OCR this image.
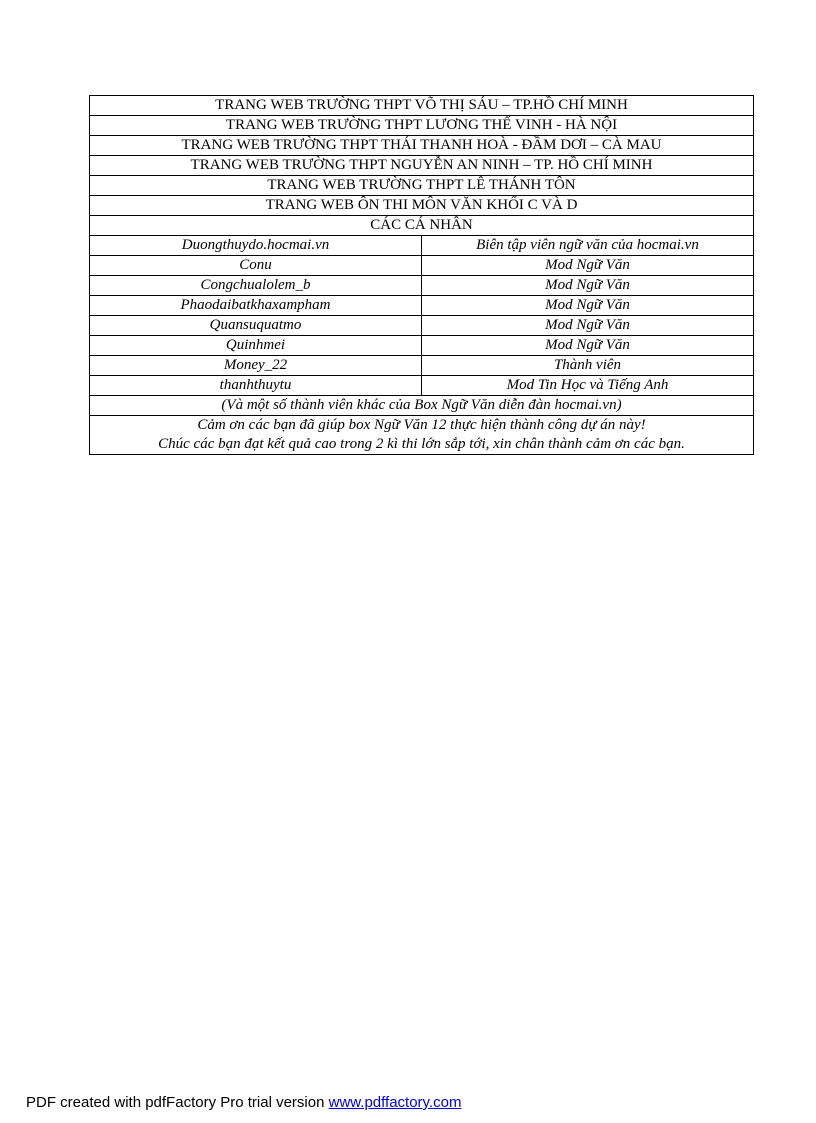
TRANG WEB TRƯỜNG THPT VÕ THỊ SÁU – TP.HỒ CHÍ MINH	
TRANG WEB TRƯỜNG THPT LƯƠNG THẾ VINH - HÀ NỘI	
TRANG WEB TRƯỜNG THPT THÁI THANH HOÀ - ĐẦM DƠI – CÀ MAU	
TRANG WEB TRƯỜNG THPT NGUYỄN AN NINH – TP. HỒ CHÍ MINH	
TRANG WEB TRƯỜNG THPT LÊ THÁNH TÔN	
TRANG WEB ÔN THI MÔN VĂN KHỐI C VÀ D	
CÁC CÁ NHÂN	
Duongthuydo.hocmai.vn	Biên tập viên ngữ văn của hocmai.vn
Conu	Mod Ngữ Văn
Congchualolem_b	Mod Ngữ Văn
Phaodaibatkhaxampham	Mod Ngữ Văn
Quansuquatmo	Mod Ngữ Văn
Quinhmei	Mod Ngữ Văn
Money_22	Thành viên
thanhthuytu	Mod Tin Học và Tiếng Anh
(Và một số thành viên khác của Box Ngữ Văn diễn đàn hocmai.vn)	

Cảm ơn các bạn đã giúp box Ngữ Văn 12 thực hiện thành công dự án này!
Chúc các bạn đạt kết quả cao trong 2 kì thi lớn sắp tới, xin chân thành cảm ơn các bạn.	
PDF created with pdfFactory Pro trial version www.pdffactory.com
